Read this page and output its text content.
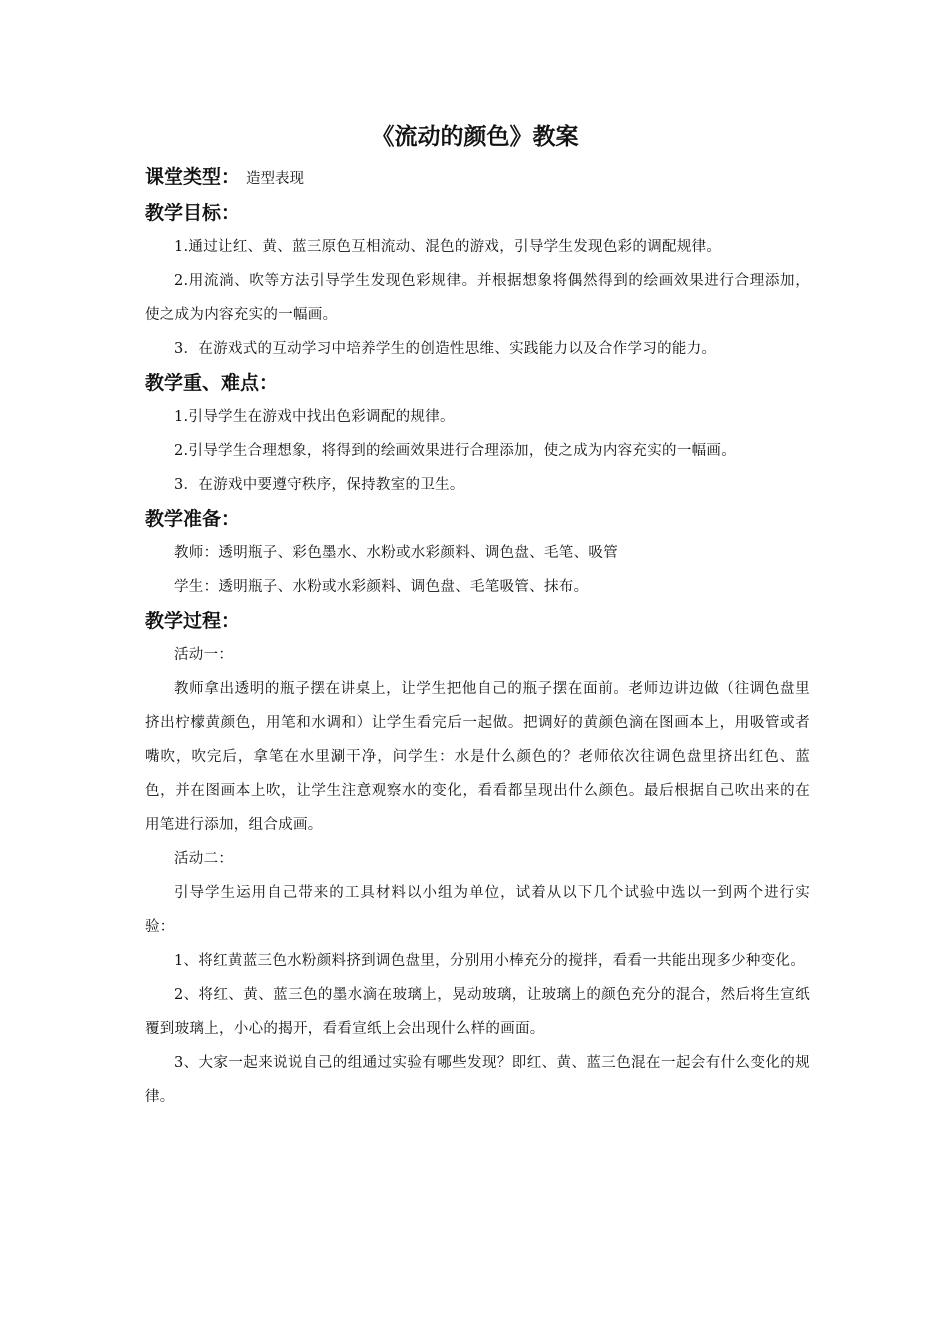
《流动的颜色》教案
课堂类型： 造型表现
教学目标：

1.通过让红、黄、蓝三原色互相流动、混色的游戏，引导学生发现色彩的调配规律。

2.用流淌、吹等方法引导学生发现色彩规律。并根据想象将偶然得到的绘画效果进行合理添加，使之成为内容充实的一幅画。

3．在游戏式的互动学习中培养学生的创造性思维、实践能力以及合作学习的能力。

教学重、难点：

1.引导学生在游戏中找出色彩调配的规律。

2.引导学生合理想象，将得到的绘画效果进行合理添加，使之成为内容充实的一幅画。

3．在游戏中要遵守秩序，保持教室的卫生。

教学准备：

教师：透明瓶子、彩色墨水、水粉或水彩颜料、调色盘、毛笔、吸管

学生：透明瓶子、水粉或水彩颜料、调色盘、毛笔吸管、抹布。

教学过程：

活动一：

教师拿出透明的瓶子摆在讲桌上，让学生把他自己的瓶子摆在面前。老师边讲边做（往调色盘里挤出柠檬黄颜色，用笔和水调和）让学生看完后一起做。把调好的黄颜色滴在图画本上，用吸管或者嘴吹，吹完后，拿笔在水里涮干净，问学生：水是什么颜色的？老师依次往调色盘里挤出红色、蓝色，并在图画本上吹，让学生注意观察水的变化，看看都呈现出什么颜色。最后根据自己吹出来的在用笔进行添加，组合成画。

活动二：

引导学生运用自己带来的工具材料以小组为单位，试着从以下几个试验中选以一到两个进行实验：

1、将红黄蓝三色水粉颜料挤到调色盘里，分别用小棒充分的搅拌，看看一共能出现多少种变化。

2、将红、黄、蓝三色的墨水滴在玻璃上，晃动玻璃，让玻璃上的颜色充分的混合，然后将生宣纸覆到玻璃上，小心的揭开，看看宣纸上会出现什么样的画面。

3、大家一起来说说自己的组通过实验有哪些发现？即红、黄、蓝三色混在一起会有什么变化的规律。
